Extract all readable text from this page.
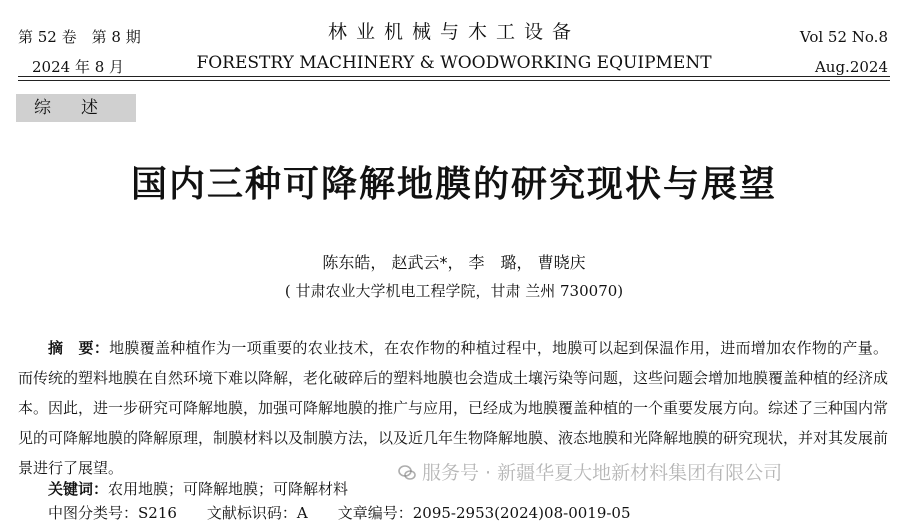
第 52 卷　第 8 期
2024 年 8 月
林业机械与木工设备
FORESTRY MACHINERY & WOODWORKING EQUIPMENT
Vol 52 No.8
Aug.2024
综述
国内三种可降解地膜的研究现状与展望
陈东皓， 赵武云*， 李　璐， 曹晓庆
( 甘肃农业大学机电工程学院，甘肃 兰州 730070)
摘　要：地膜覆盖种植作为一项重要的农业技术，在农作物的种植过程中，地膜可以起到保温作用，进而增加农作物的产量。而传统的塑料地膜在自然环境下难以降解，老化破碎后的塑料地膜也会造成土壤污染等问题，这些问题会增加地膜覆盖种植的经济成本。因此，进一步研究可降解地膜，加强可降解地膜的推广与应用，已经成为地膜覆盖种植的一个重要发展方向。综述了三种国内常见的可降解地膜的降解原理，制膜材料以及制膜方法，以及近几年生物降解地膜、液态地膜和光降解地膜的研究现状，并对其发展前景进行了展望。
关键词：农用地膜；可降解地膜；可降解材料
中图分类号：S216　　文献标识码：A　　文章编号：2095-2953(2024)08-0019-05
服务号 · 新疆华夏大地新材料集团有限公司
